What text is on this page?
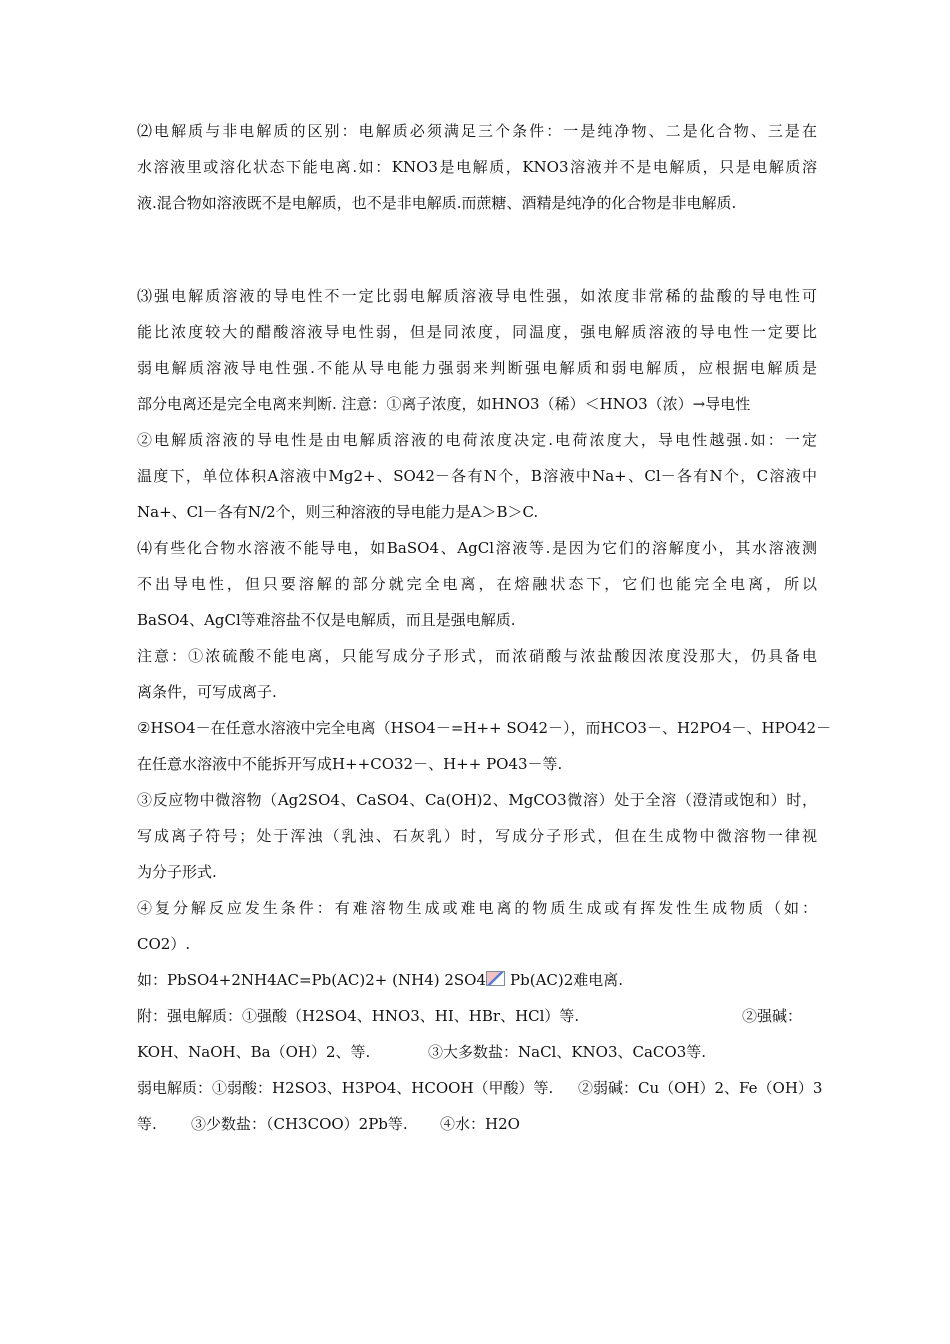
⑵电解质与非电解质的区别：电解质必须满足三个条件：一是纯净物、二是化合物、三是在
水溶液里或溶化状态下能电离.如：KNO3是电解质，KNO3溶液并不是电解质，只是电解质溶
液.混合物如溶液既不是电解质，也不是非电解质.而蔗糖、酒精是纯净的化合物是非电解质.
⑶强电解质溶液的导电性不一定比弱电解质溶液导电性强，如浓度非常稀的盐酸的导电性可
能比浓度较大的醋酸溶液导电性弱，但是同浓度，同温度，强电解质溶液的导电性一定要比
弱电解质溶液导电性强.不能从导电能力强弱来判断强电解质和弱电解质，应根据电解质是
部分电离还是完全电离来判断. 注意：①离子浓度，如HNO3（稀）＜HNO3（浓）→导电性
②电解质溶液的导电性是由电解质溶液的电荷浓度决定.电荷浓度大，导电性越强.如：一定
温度下，单位体积A溶液中Mg2+、SO42－各有N个，B溶液中Na+、Cl－各有N个，C溶液中
Na+、Cl－各有N/2个，则三种溶液的导电能力是A＞B＞C.
⑷有些化合物水溶液不能导电，如BaSO4、AgCl溶液等.是因为它们的溶解度小，其水溶液测
不出导电性，但只要溶解的部分就完全电离，在熔融状态下，它们也能完全电离，所以
BaSO4、AgCl等难溶盐不仅是电解质，而且是强电解质.
注意：①浓硫酸不能电离，只能写成分子形式，而浓硝酸与浓盐酸因浓度没那大，仍具备电
离条件，可写成离子.
②HSO4－在任意水溶液中完全电离（HSO4－=H++ SO42－），而HCO3－、H2PO4－、HPO42－
在任意水溶液中不能拆开写成H++CO32－、H++ PO43－等.
③反应物中微溶物（Ag2SO4、CaSO4、Ca(OH)2、MgCO3微溶）处于全溶（澄清或饱和）时，
写成离子符号；处于浑浊（乳浊、石灰乳）时，写成分子形式，但在生成物中微溶物一律视
为分子形式.
④复分解反应发生条件：有难溶物生成或难电离的物质生成或有挥发性生成物质（如：
CO2）.
如：PbSO4+2NH4AC=Pb(AC)2+ (NH4) 2SO4 Pb(AC)2难电离.
附：强电解质：①强酸（H2SO4、HNO3、HI、HBr、HCl）等.	②强碱：
KOH、NaOH、Ba（OH）2、等.	③大多数盐：NaCl、KNO3、CaCO3等.
弱电解质：①弱酸：H2SO3、H3PO4、HCOOH（甲酸）等. ②弱碱：Cu（OH）2、Fe（OH）3
等. ③少数盐：（CH3COO）2Pb等. ④水：H2O
